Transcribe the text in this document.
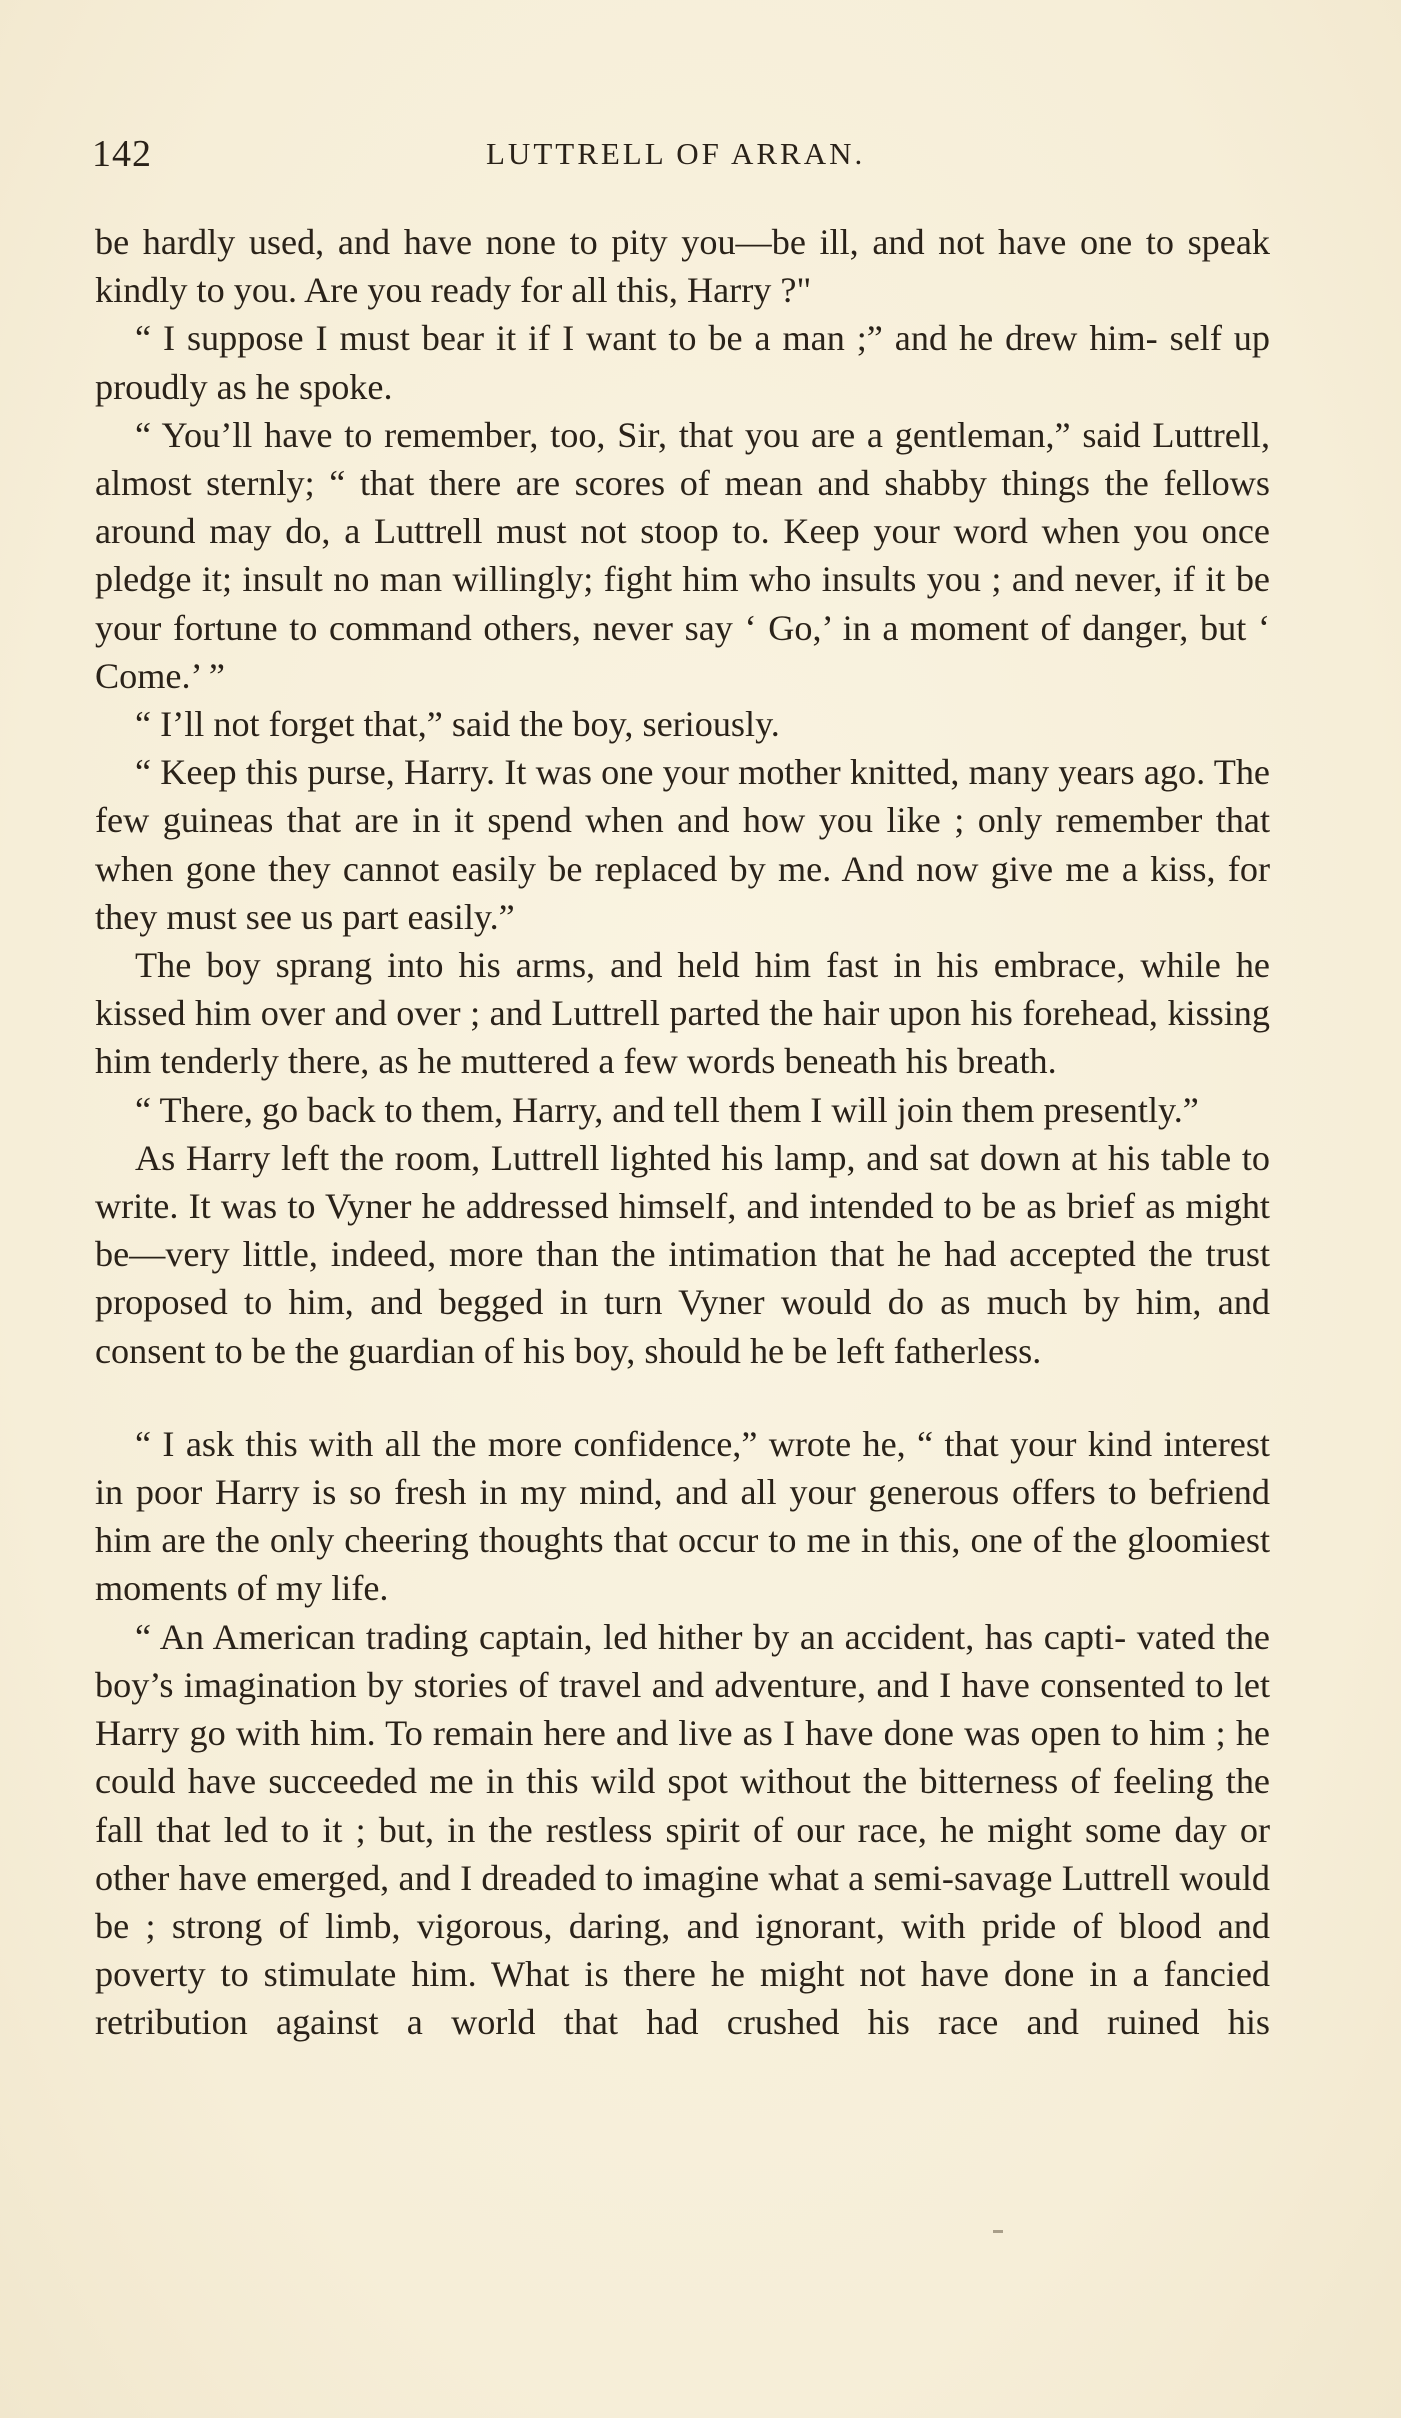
142	LUTTRELL OF ARRAN.

be hardly used, and have none to pity you—be ill, and not have one to speak kindly to you. Are you ready for all this, Harry ?"

“ I suppose I must bear it if I want to be a man ;” and he drew him- self up proudly as he spoke.

“ You’ll have to remember, too, Sir, that you are a gentleman,” said Luttrell, almost sternly; “ that there are scores of mean and shabby things the fellows around may do, a Luttrell must not stoop to. Keep your word when you once pledge it; insult no man willingly; fight him who insults you ; and never, if it be your fortune to command others, never say ‘ Go,’ in a moment of danger, but ‘ Come.’ ”

“ I’ll not forget that,” said the boy, seriously.

“ Keep this purse, Harry. It was one your mother knitted, many years ago. The few guineas that are in it spend when and how you like ; only remember that when gone they cannot easily be replaced by me. And now give me a kiss, for they must see us part easily.”

The boy sprang into his arms, and held him fast in his embrace, while he kissed him over and over ; and Luttrell parted the hair upon his forehead, kissing him tenderly there, as he muttered a few words beneath his breath.

“ There, go back to them, Harry, and tell them I will join them presently.”

As Harry left the room, Luttrell lighted his lamp, and sat down at his table to write. It was to Vyner he addressed himself, and intended to be as brief as might be—very little, indeed, more than the intimation that he had accepted the trust proposed to him, and begged in turn Vyner would do as much by him, and consent to be the guardian of his boy, should he be left fatherless.

“ I ask this with all the more confidence,” wrote he, “ that your kind interest in poor Harry is so fresh in my mind, and all your generous offers to befriend him are the only cheering thoughts that occur to me in this, one of the gloomiest moments of my life.

“ An American trading captain, led hither by an accident, has capti- vated the boy’s imagination by stories of travel and adventure, and I have consented to let Harry go with him. To remain here and live as I have done was open to him ; he could have succeeded me in this wild spot without the bitterness of feeling the fall that led to it ; but, in the restless spirit of our race, he might some day or other have emerged, and I dreaded to imagine what a semi-savage Luttrell would be ; strong of limb, vigorous, daring, and ignorant, with pride of blood and poverty to stimulate him. What is there he might not have done in a fancied retribution against a world that had crushed his race and ruined his
